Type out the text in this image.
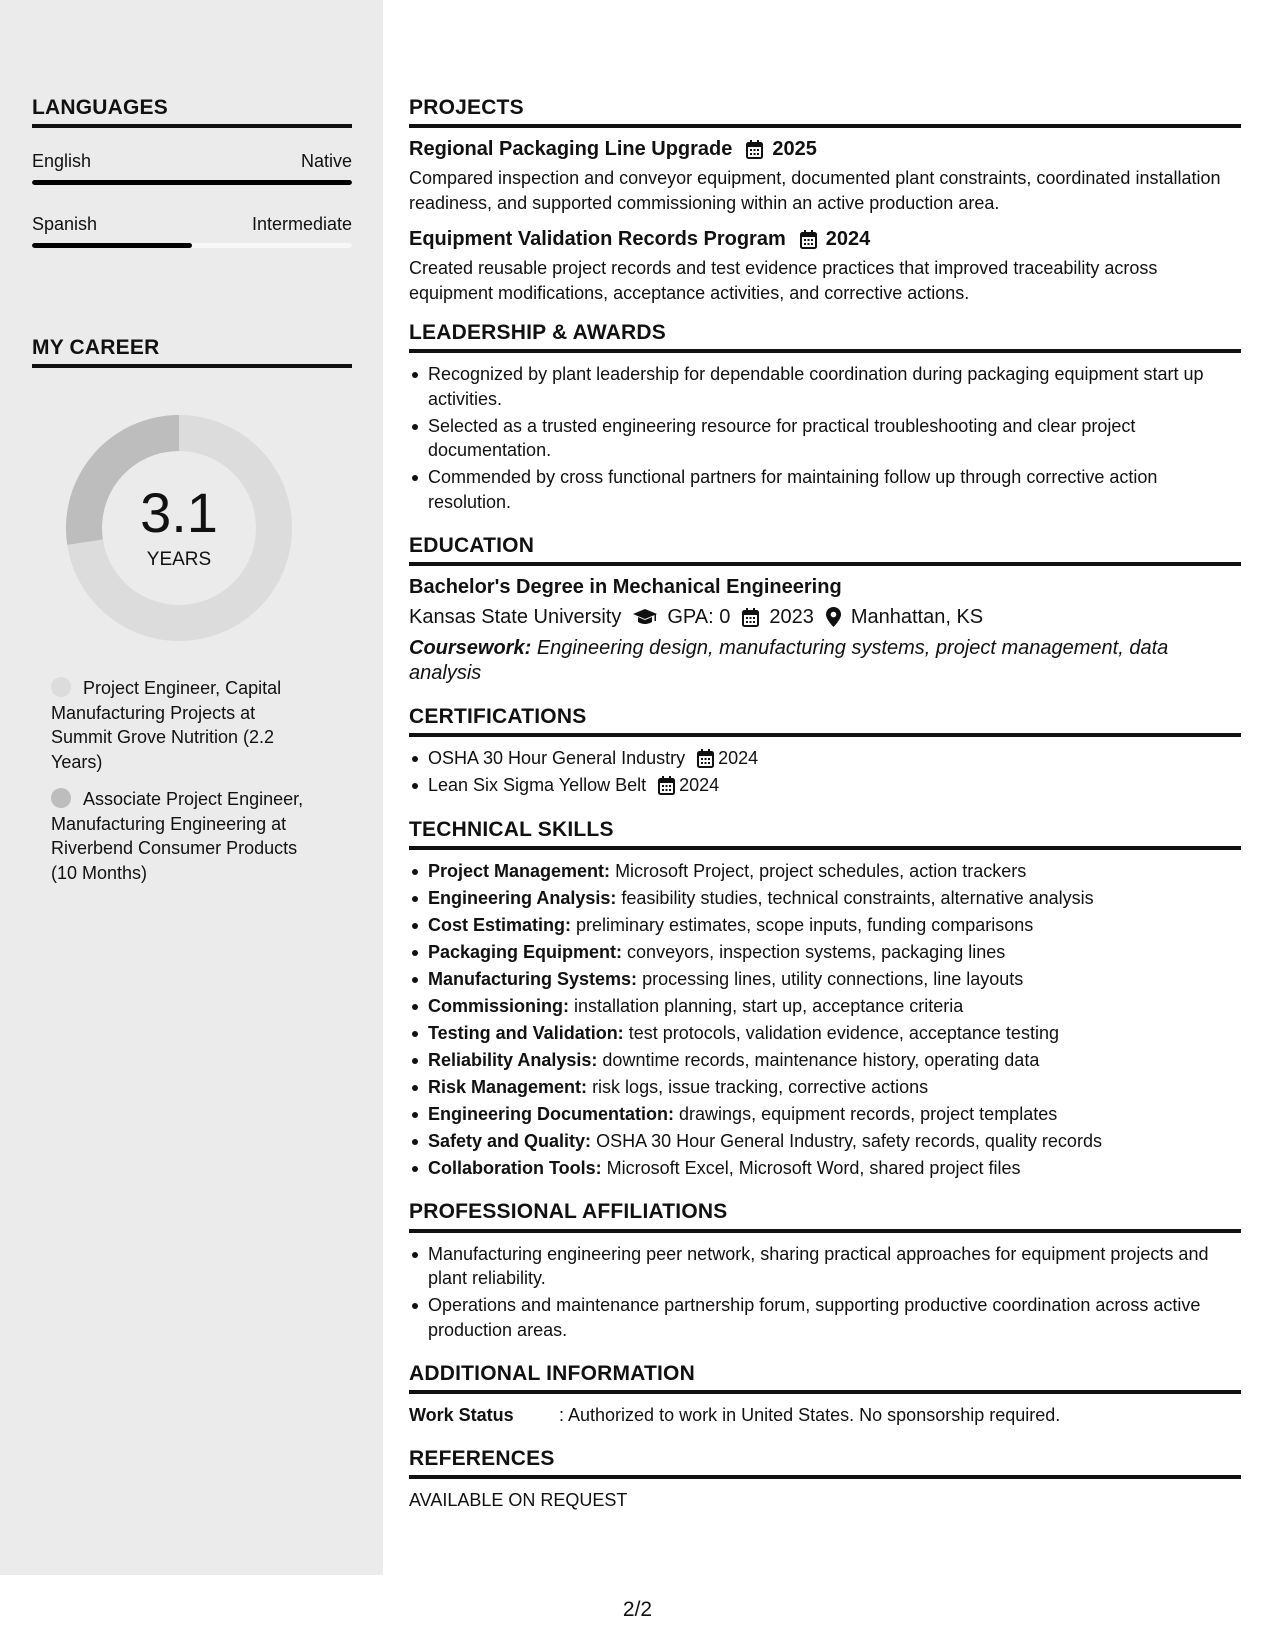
LANGUAGES
English	Native
Spanish	Intermediate
MY CAREER
3.1
YEARS
Project Engineer, Capital Manufacturing Projects at Summit Grove Nutrition (2.2 Years)
Associate Project Engineer, Manufacturing Engineering at Riverbend Consumer Products (10 Months)
PROJECTS
Regional Packaging Line Upgrade 2025
Compared inspection and conveyor equipment, documented plant constraints, coordinated installation readiness, and supported commissioning within an active production area.
Equipment Validation Records Program 2024
Created reusable project records and test evidence practices that improved traceability across equipment modifications, acceptance activities, and corrective actions.
LEADERSHIP & AWARDS
Recognized by plant leadership for dependable coordination during packaging equipment start up activities.
Selected as a trusted engineering resource for practical troubleshooting and clear project documentation.
Commended by cross functional partners for maintaining follow up through corrective action resolution.
EDUCATION
Bachelor's Degree in Mechanical Engineering
Kansas State University GPA: 0 2023 Manhattan, KS
Coursework: Engineering design, manufacturing systems, project management, data analysis
CERTIFICATIONS
OSHA 30 Hour General Industry 2024
Lean Six Sigma Yellow Belt 2024
TECHNICAL SKILLS
Project Management: Microsoft Project, project schedules, action trackers
Engineering Analysis: feasibility studies, technical constraints, alternative analysis
Cost Estimating: preliminary estimates, scope inputs, funding comparisons
Packaging Equipment: conveyors, inspection systems, packaging lines
Manufacturing Systems: processing lines, utility connections, line layouts
Commissioning: installation planning, start up, acceptance criteria
Testing and Validation: test protocols, validation evidence, acceptance testing
Reliability Analysis: downtime records, maintenance history, operating data
Risk Management: risk logs, issue tracking, corrective actions
Engineering Documentation: drawings, equipment records, project templates
Safety and Quality: OSHA 30 Hour General Industry, safety records, quality records
Collaboration Tools: Microsoft Excel, Microsoft Word, shared project files
PROFESSIONAL AFFILIATIONS
Manufacturing engineering peer network, sharing practical approaches for equipment projects and plant reliability.
Operations and maintenance partnership forum, supporting productive coordination across active production areas.
ADDITIONAL INFORMATION
Work Status	: Authorized to work in United States. No sponsorship required.
REFERENCES
AVAILABLE ON REQUEST
2/2
